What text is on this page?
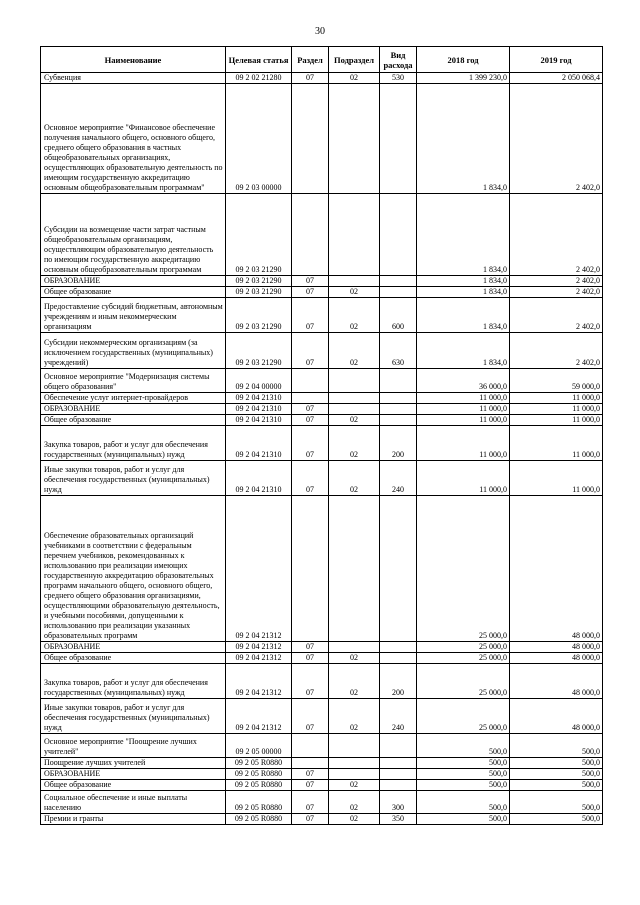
30
Наименование	Целевая статья	Раздел	Подраздел	Вид расхода	2018 год	2019 год
Субвенция	09 2 02 21280	07	02	530	1 399 230,0	2 050 068,4
Основное мероприятие "Финансовое обеспечение получения начального общего, основного общего, среднего общего образования в частных общеобразовательных организациях, осуществляющих образовательную деятельность по имеющим государственную аккредитацию основным общеобразовательным программам"	09 2 03 00000				1 834,0	2 402,0
Субсидии на возмещение части затрат частным общеобразовательным организациям, осуществляющим образовательную деятельность по имеющим государственную аккредитацию основным общеобразовательным программам	09 2 03 21290				1 834,0	2 402,0
ОБРАЗОВАНИЕ	09 2 03 21290	07			1 834,0	2 402,0
Общее образование	09 2 03 21290	07	02		1 834,0	2 402,0
Предоставление субсидий бюджетным, автономным учреждениям и иным некоммерческим организациям	09 2 03 21290	07	02	600	1 834,0	2 402,0
Субсидии некоммерческим организациям (за исключением государственных (муниципальных) учреждений)	09 2 03 21290	07	02	630	1 834,0	2 402,0
Основное мероприятие "Модернизация системы общего образования"	09 2 04 00000				36 000,0	59 000,0
Обеспечение услуг интернет-провайдеров	09 2 04 21310				11 000,0	11 000,0
ОБРАЗОВАНИЕ	09 2 04 21310	07			11 000,0	11 000,0
Общее образование	09 2 04 21310	07	02		11 000,0	11 000,0
Закупка товаров, работ и услуг для обеспечения государственных (муниципальных) нужд	09 2 04 21310	07	02	200	11 000,0	11 000,0
Иные закупки товаров, работ и услуг для обеспечения государственных (муниципальных) нужд	09 2 04 21310	07	02	240	11 000,0	11 000,0
Обеспечение образовательных организаций учебниками в соответствии с федеральным перечнем учебников, рекомендованных к использованию при реализации имеющих государственную аккредитацию образовательных программ начального общего, основного общего, среднего общего образования организациями, осуществляющими образовательную деятельность, и учебными пособиями, допущенными к использованию при реализации указанных образовательных программ	09 2 04 21312				25 000,0	48 000,0
ОБРАЗОВАНИЕ	09 2 04 21312	07			25 000,0	48 000,0
Общее образование	09 2 04 21312	07	02		25 000,0	48 000,0
Закупка товаров, работ и услуг для обеспечения государственных (муниципальных) нужд	09 2 04 21312	07	02	200	25 000,0	48 000,0
Иные закупки товаров, работ и услуг для обеспечения государственных (муниципальных) нужд	09 2 04 21312	07	02	240	25 000,0	48 000,0
Основное мероприятие "Поощрение лучших учителей"	09 2 05 00000				500,0	500,0
Поощрение лучших учителей	09 2 05 R0880				500,0	500,0
ОБРАЗОВАНИЕ	09 2 05 R0880	07			500,0	500,0
Общее образование	09 2 05 R0880	07	02		500,0	500,0
Социальное обеспечение и иные выплаты населению	09 2 05 R0880	07	02	300	500,0	500,0
Премии и гранты	09 2 05 R0880	07	02	350	500,0	500,0
